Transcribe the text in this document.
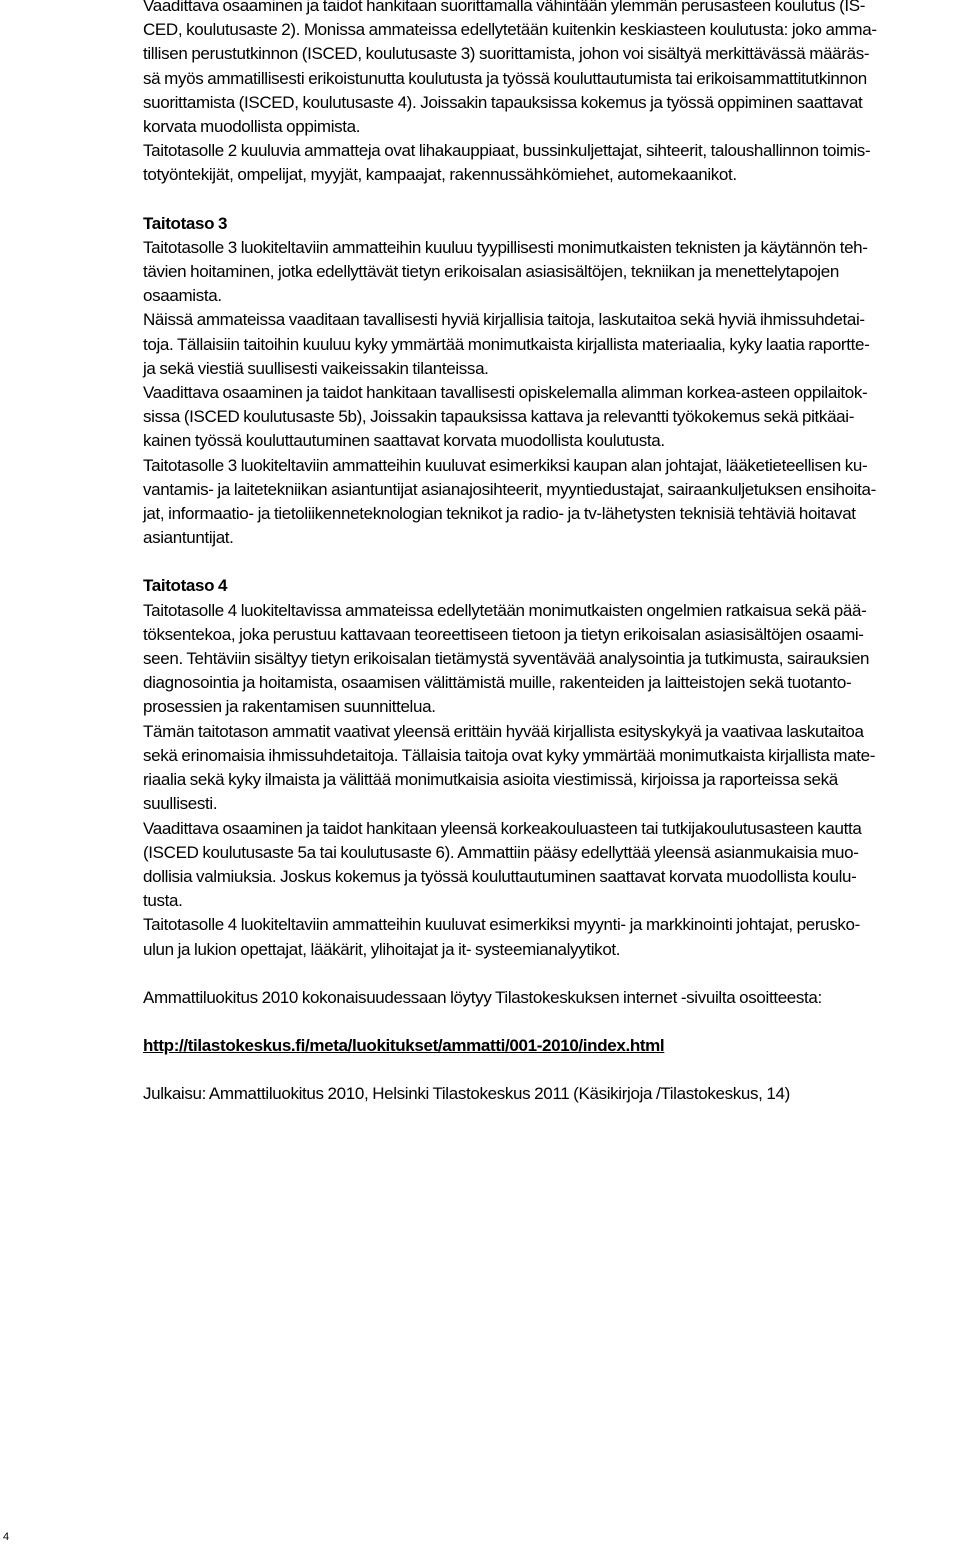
Vaadittava osaaminen ja taidot hankitaan suorittamalla vähintään ylemmän perusasteen koulutus (IS-
CED, koulutusaste 2). Monissa ammateissa edellytetään kuitenkin keskiasteen koulutusta: joko amma-
tillisen perustutkinnon (ISCED, koulutusaste 3) suorittamista, johon voi sisältyä merkittävässä määräs-
sä myös ammatillisesti erikoistunutta koulutusta ja työssä kouluttautumista tai erikoisammattitutkinnon
suorittamista (ISCED, koulutusaste 4). Joissakin tapauksissa kokemus ja työssä oppiminen saattavat
korvata muodollista oppimista.

Taitotasolle 2 kuuluvia ammatteja ovat lihakauppiaat, bussinkuljettajat, sihteerit, taloushallinnon toimis-
totyöntekijät, ompelijat, myyjät, kampaajat, rakennussähkömiehet, automekaanikot.

Taitotaso 3

Taitotasolle 3 luokiteltaviin ammatteihin kuuluu tyypillisesti monimutkaisten teknisten ja käytännön teh-
tävien hoitaminen, jotka edellyttävät tietyn erikoisalan asiasisältöjen, tekniikan ja menettelytapojen
osaamista.

Näissä ammateissa vaaditaan tavallisesti hyviä kirjallisia taitoja, laskutaitoa sekä hyviä ihmissuhdetai-
toja. Tällaisiin taitoihin kuuluu kyky ymmärtää monimutkaista kirjallista materiaalia, kyky laatia raportte-
ja sekä viestiä suullisesti vaikeissakin tilanteissa.

Vaadittava osaaminen ja taidot hankitaan tavallisesti opiskelemalla alimman korkea-asteen oppilaitok-
sissa (ISCED koulutusaste 5b), Joissakin tapauksissa kattava ja relevantti työkokemus sekä pitkäai-
kainen työssä kouluttautuminen saattavat korvata muodollista koulutusta.

Taitotasolle 3 luokiteltaviin ammatteihin kuuluvat esimerkiksi kaupan alan johtajat, lääketieteellisen ku-
vantamis- ja laitetekniikan asiantuntijat asianajosihteerit, myyntiedustajat, sairaankuljetuksen ensihoita-
jat, informaatio- ja tietoliikenneteknologian teknikot ja radio- ja tv-lähetysten teknisiä tehtäviä hoitavat
asiantuntijat.

Taitotaso 4

Taitotasolle 4 luokiteltavissa ammateissa edellytetään monimutkaisten ongelmien ratkaisua sekä pää-
töksentekoa, joka perustuu kattavaan teoreettiseen tietoon ja tietyn erikoisalan asiasisältöjen osaami-
seen. Tehtäviin sisältyy tietyn erikoisalan tietämystä syventävää analysointia ja tutkimusta, sairauksien
diagnosointia ja hoitamista, osaamisen välittämistä muille, rakenteiden ja laitteistojen sekä tuotanto-
prosessien ja rakentamisen suunnittelua.

Tämän taitotason ammatit vaativat yleensä erittäin hyvää kirjallista esityskykyä ja vaativaa laskutaitoa
sekä erinomaisia ihmissuhdetaitoja. Tällaisia taitoja ovat kyky ymmärtää monimutkaista kirjallista mate-
riaalia sekä kyky ilmaista ja välittää monimutkaisia asioita viestimissä, kirjoissa ja raporteissa sekä
suullisesti.

Vaadittava osaaminen ja taidot hankitaan yleensä korkeakouluasteen tai tutkijakoulutusasteen kautta
(ISCED koulutusaste 5a tai koulutusaste 6). Ammattiin pääsy edellyttää yleensä asianmukaisia muo-
dollisia valmiuksia. Joskus kokemus ja työssä kouluttautuminen saattavat korvata muodollista koulu-
tusta.

Taitotasolle 4 luokiteltaviin ammatteihin kuuluvat esimerkiksi myynti- ja markkinointi johtajat, perusko-
ulun ja lukion opettajat, lääkärit, ylihoitajat ja it- systeemianalyytikot.

Ammattiluokitus 2010 kokonaisuudessaan löytyy Tilastokeskuksen internet -sivuilta osoitteesta:

http://tilastokeskus.fi/meta/luokitukset/ammatti/001-2010/index.html

Julkaisu: Ammattiluokitus 2010, Helsinki Tilastokeskus 2011 (Käsikirjoja /Tilastokeskus, 14)

4
